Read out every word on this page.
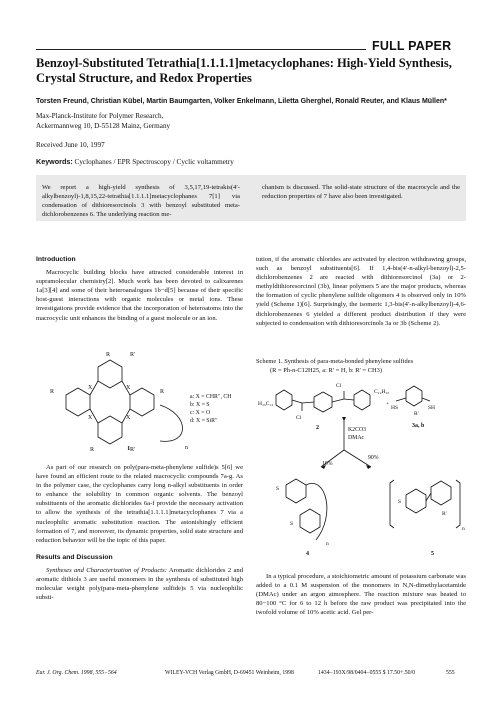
FULL PAPER
Benzoyl-Substituted Tetrathia[1.1.1.1]metacyclophanes: High-Yield Synthesis, Crystal Structure, and Redox Properties
Torsten Freund, Christian Kübel, Martin Baumgarten, Volker Enkelmann, Liletta Gherghel, Ronald Reuter, and Klaus Müllen*
Max-Planck-Institute for Polymer Research,
Ackermannweg 10, D-55128 Mainz, Germany
Received June 10, 1997
Keywords: Cyclophanes / EPR Spectroscopy / Cyclic voltammetry
We report a high-yield synthesis of 3,5,17,19-tetrakis(4′-alkylbenzoyl)-1,8,15,22-tetrathia[1.1.1.1]metacyclophanes 7[1] via condensation of dithioresorcinols 3 with benzoyl substituted meta-dichlorobenzenes 6. The underlying reaction me-
chanism is discussed. The solid-state structure of the macrocycle and the reduction properties of 7 have also been investigated.
Introduction

Macrocyclic building blocks have attracted considerable interest in supramolecular chemistry[2]. Much work has been devoted to calixarenes 1a[3][4] and some of their heteroanalogues 1b−d[5] because of their specific host-guest interactions with organic molecules or metal ions. These investigations provide evidence that the incorporation of heteroatoms into the macrocyclic unit enhances the binding of a guest molecule or an ion.

R	R′
R	R
X	X
X	X
R	R′	n
a: X = CHR′′, CH
b: X = S
c: X = O
d: X = SiR′′
1

As part of our research on poly(para-meta-phenylene sulfide)s 5[6] we have found an efficient route to the related macrocyclic compounds 7a-g. As in the polymer case, the cyclophanes carry long n-alkyl substituents in order to enhance the solubility in common organic solvents. The benzoyl substituents of the aromatic dichlorides 6a-f provide the necessary activation to allow the synthesis of the tetrathia[1.1.1.1]metacyclophanes 7 via a nucleophilic aromatic substitution reaction. The astonishingly efficient formation of 7, and moreover, its dynamic properties, solid state structure and reduction behavior will be the topic of this paper.

Results and Discussion

Syntheses and Characterization of Products: Aromatic dichlorides 2 and aromatic dithiols 3 are useful monomers in the synthesis of substituted high molecular weight poly(para-meta-phenylene sulfide)s 5 via nucleophilic substi-

tution, if the aromatic chlorides are activated by electron withdrawing groups, such as benzoyl substituents[6]. If 1,4-bis(4′-n-alkyl-benzoyl)-2,5-dichlorobenzenes 2 are reacted with dithioresorcinol (3a) or 2-methyldithioresorcinol (3b), linear polymers 5 are the major products, whereas the formation of cyclic phenylene sulfide oligomers 4 is observed only in 10% yield (Scheme 1)[6]. Surprisingly, the isomeric 1,3-bis(4′-n-alkylbenzoyl)-4,6-dichlorobenzenes 6 yielded a different product distribution if they were subjected to condensation with dithioresorcinols 3a or 3b (Scheme 2).

Scheme 1. Synthesis of para-meta-bonded phenylene sulfides
(R = Ph-n-C12H25, a: R′ = H, b: R′ = CH3)
H₂₅C₁₂
Cl
Cl
C₁₂H₂₅
+
HS	SH
R′
S
S
n
S
R′
n
K2CO3
DMAc
10%
90%
2	3a, b
4	5

In a typical procedure, a stoichiometric amount of potassium carbonate was added to a 0.1 M suspension of the monomers in N,N-dimethylacetamide (DMAc) under an argon atmosphere. The reaction mixture was heated to 80−100 °C for 6 to 12 h before the raw product was precipitated into the twofold volume of 10% acetic acid. Gel per-

Eur. J. Org. Chem. 1998, 555−564	WILEY-VCH Verlag GmbH, D-69451 Weinheim, 1998	1434−193X/98/0404−0555 $ 17.50+.50/0	555
